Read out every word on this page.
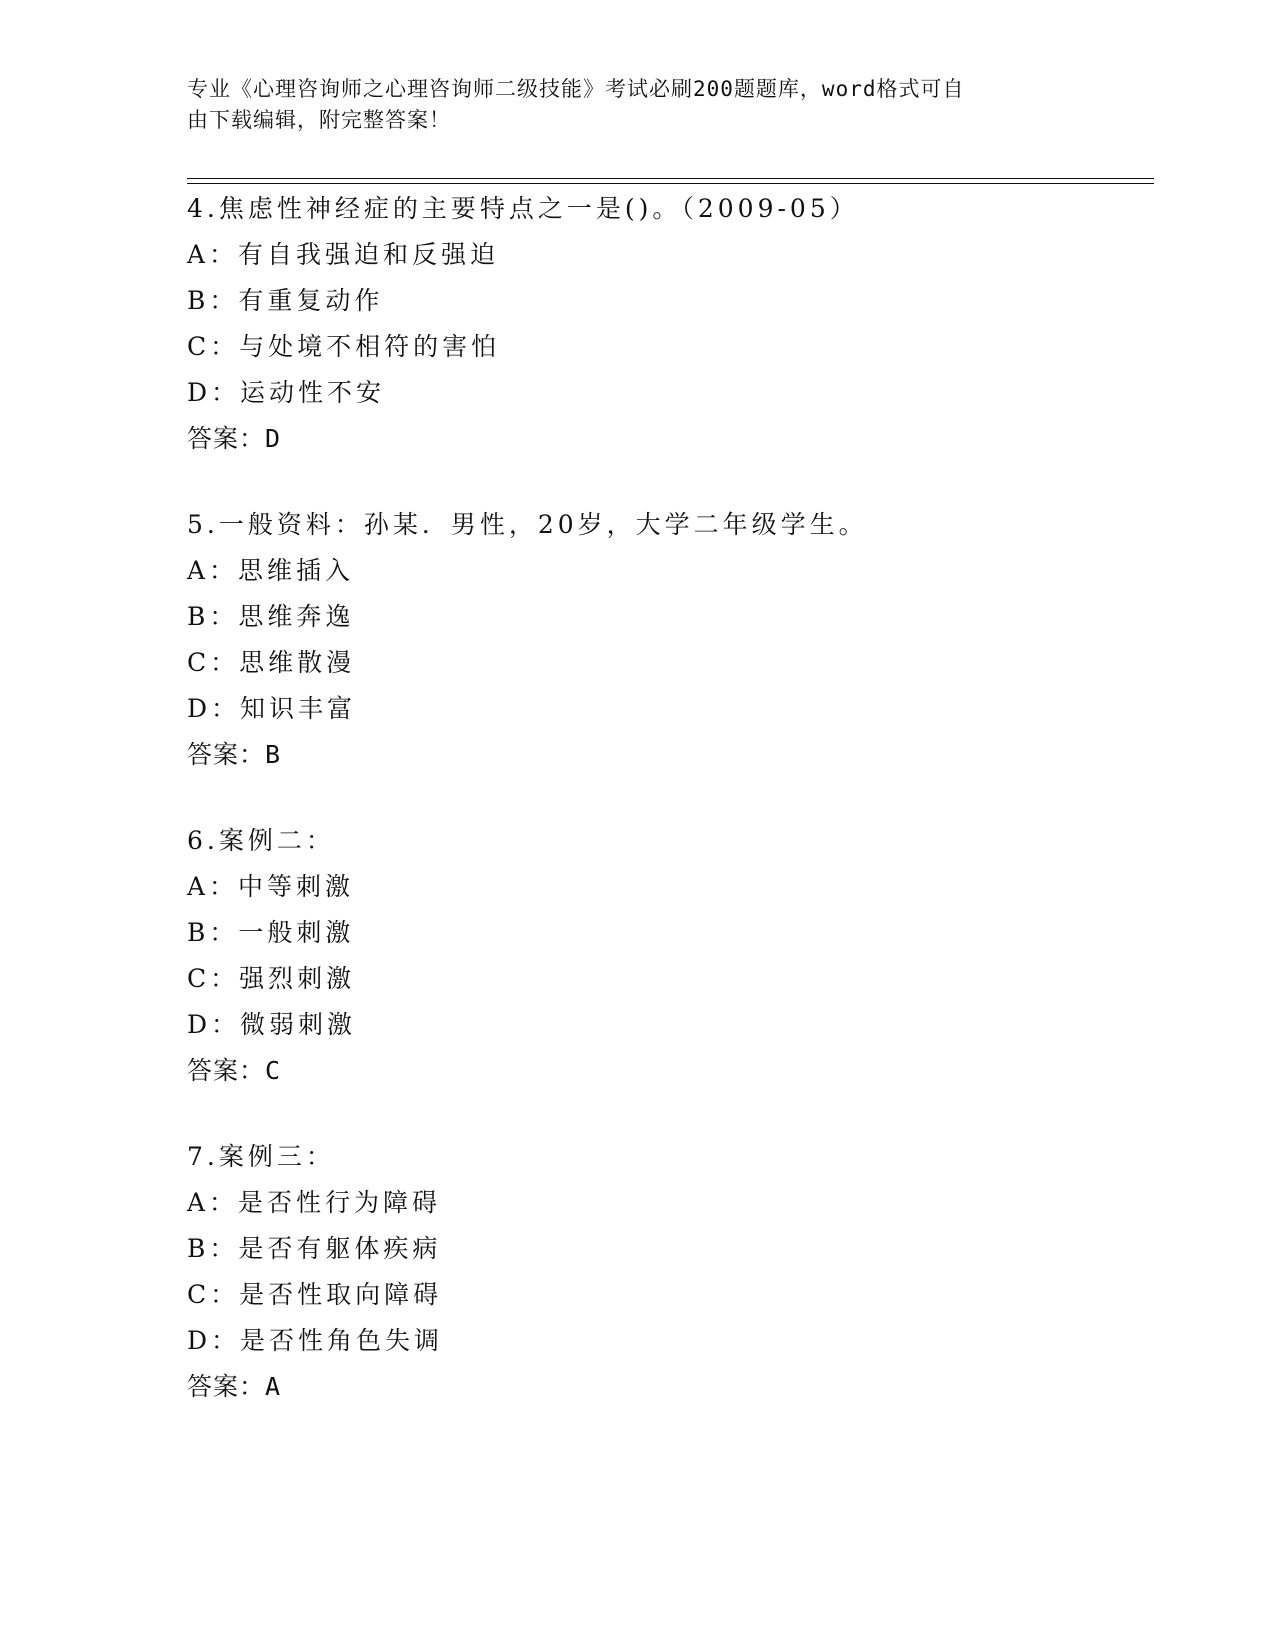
专业《心理咨询师之心理咨询师二级技能》考试必刷200题题库，word格式可自
由下载编辑，附完整答案！
4.焦虑性神经症的主要特点之一是()。（2009-05）
A：有自我强迫和反强迫
B：有重复动作
C：与处境不相符的害怕
D：运动性不安
答案：D
5.一般资料：孙某．男性，20岁，大学二年级学生。
A：思维插入
B：思维奔逸
C：思维散漫
D：知识丰富
答案：B
6.案例二：
A：中等刺激
B：一般刺激
C：强烈刺激
D：微弱刺激
答案：C
7.案例三：
A：是否性行为障碍
B：是否有躯体疾病
C：是否性取向障碍
D：是否性角色失调
答案：A
